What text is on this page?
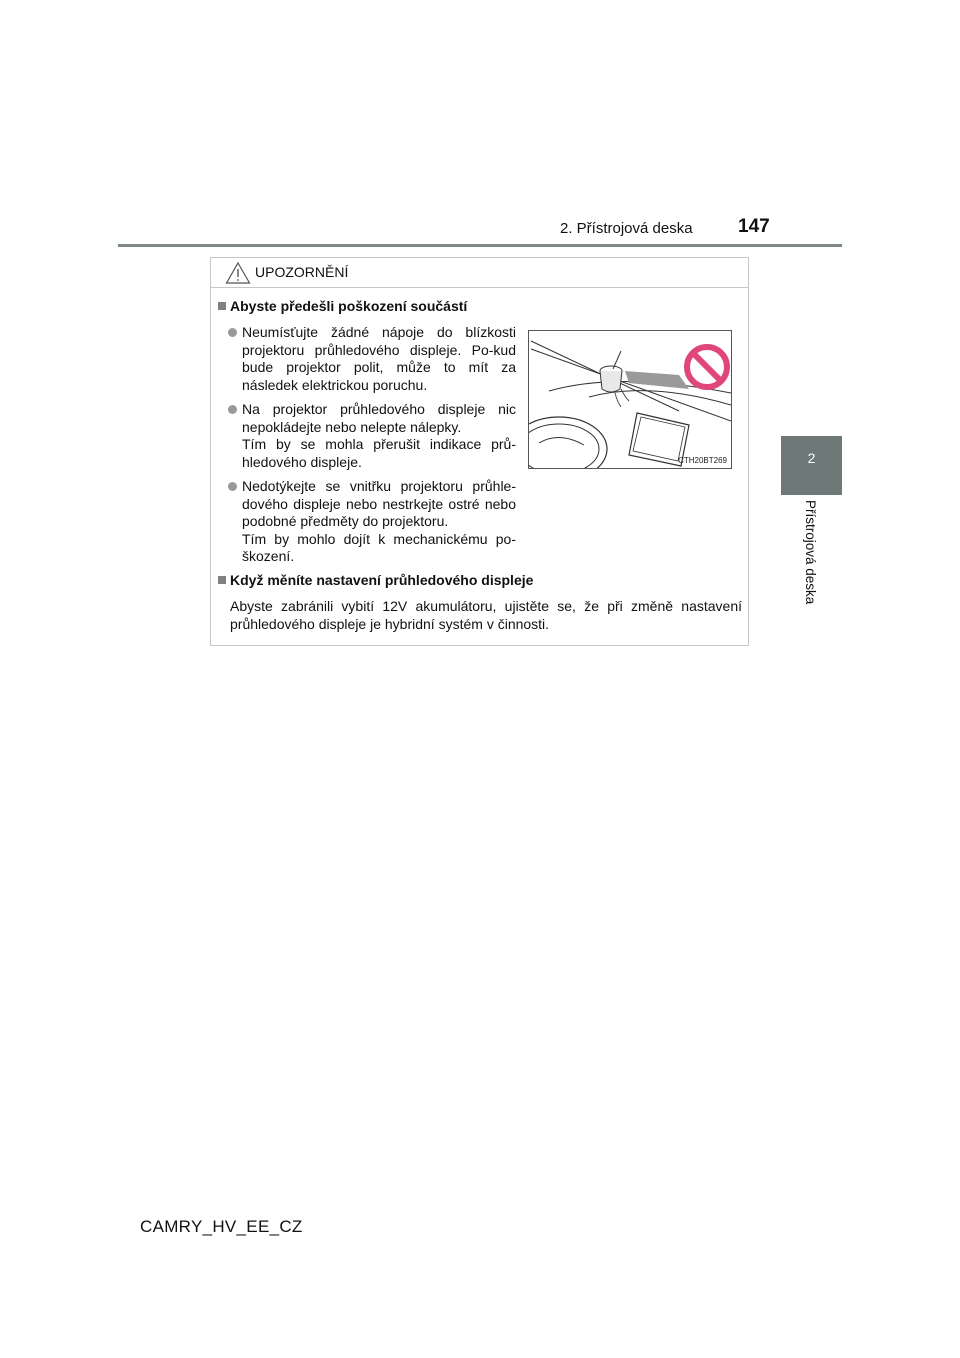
2. Přístrojová deska 147
2
Přístrojová deska
UPOZORNĚNÍ
Abyste předešli poškození součástí
Neumísťujte žádné nápoje do blízkosti projektoru průhledového displeje. Po-kud bude projektor polit, může to mít za následek elektrickou poruchu.
Na projektor průhledového displeje nic nepokládejte nebo nelepte nálepky.
Tím by se mohla přerušit indikace prů-hledového displeje.
Nedotýkejte se vnitřku projektoru průhle-dového displeje nebo nestrkejte ostré nebo podobné předměty do projektoru.
Tím by mohlo dojít k mechanickému po-škození.
CTH20BT269
Když měníte nastavení průhledového displeje
Abyste zabránili vybití 12V akumulátoru, ujistěte se, že při změně nastavení průhledového displeje je hybridní systém v činnosti.
CAMRY_HV_EE_CZ
